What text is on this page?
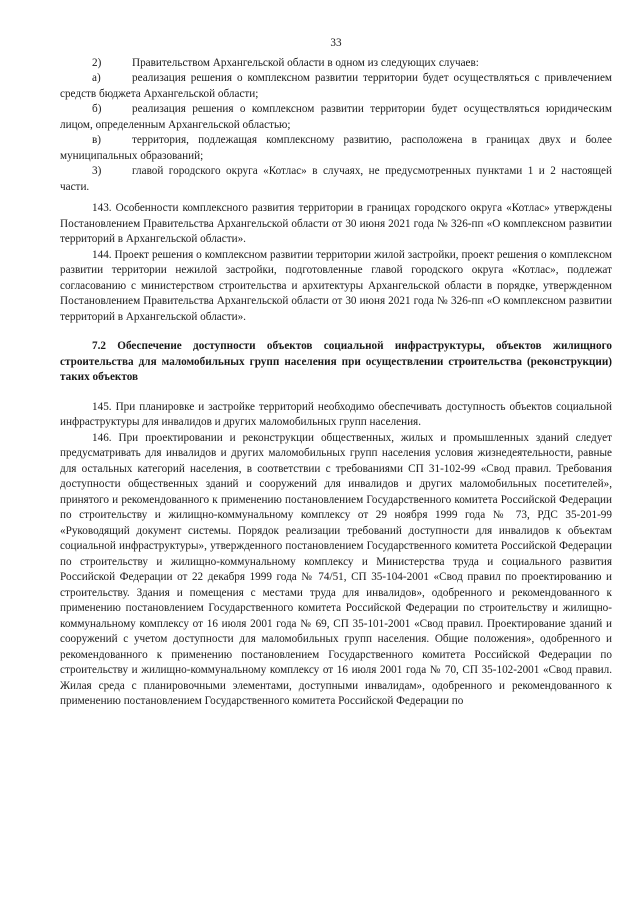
33

2)	Правительством Архангельской области в одном из следующих случаев:

а)	реализация решения о комплексном развитии территории будет осуществляться с привлечением средств бюджета Архангельской области;

б)	реализация решения о комплексном развитии территории будет осуществляться юридическим лицом, определенным Архангельской областью;

в)	территория, подлежащая комплексному развитию, расположена в границах двух и более муниципальных образований;

3)	главой городского округа «Котлас» в случаях, не предусмотренных пунктами 1 и 2 настоящей части.

143. Особенности комплексного развития территории в границах городского округа «Котлас» утверждены Постановлением Правительства Архангельской области от 30 июня 2021 года № 326-пп «О комплексном развитии территорий в Архангельской области».

144. Проект решения о комплексном развитии территории жилой застройки, проект решения о комплексном развитии территории нежилой застройки, подготовленные главой городского округа «Котлас», подлежат согласованию с министерством строительства и архитектуры Архангельской области в порядке, утвержденном Постановлением Правительства Архангельской области от 30 июня 2021 года № 326-пп «О комплексном развитии территорий в Архангельской области».

7.2 Обеспечение доступности объектов социальной инфраструктуры, объектов жилищного строительства для маломобильных групп населения при осуществлении строительства (реконструкции) таких объектов

145. При планировке и застройке территорий необходимо обеспечивать доступность объектов социальной инфраструктуры для инвалидов и других маломобильных групп населения.

146. При проектировании и реконструкции общественных, жилых и промышленных зданий следует предусматривать для инвалидов и других маломобильных групп населения условия жизнедеятельности, равные для остальных категорий населения, в соответствии с требованиями СП 31-102-99 «Свод правил. Требования доступности общественных зданий и сооружений для инвалидов и других маломобильных посетителей», принятого и рекомендованного к применению постановлением Государственного комитета Российской Федерации по строительству и жилищно-коммунальному комплексу от 29 ноября 1999 года № 73, РДС 35-201-99 «Руководящий документ системы. Порядок реализации требований доступности для инвалидов к объектам социальной инфраструктуры», утвержденного постановлением Государственного комитета Российской Федерации по строительству и жилищно-коммунальному комплексу и Министерства труда и социального развития Российской Федерации от 22 декабря 1999 года № 74/51, СП 35-104-2001 «Свод правил по проектированию и строительству. Здания и помещения с местами труда для инвалидов», одобренного и рекомендованного к применению постановлением Государственного комитета Российской Федерации по строительству и жилищно-коммунальному комплексу от 16 июля 2001 года № 69, СП 35-101-2001 «Свод правил. Проектирование зданий и сооружений с учетом доступности для маломобильных групп населения. Общие положения», одобренного и рекомендованного к применению постановлением Государственного комитета Российской Федерации по строительству и жилищно-коммунальному комплексу от 16 июля 2001 года № 70, СП 35-102-2001 «Свод правил. Жилая среда с планировочными элементами, доступными инвалидам», одобренного и рекомендованного к применению постановлением Государственного комитета Российской Федерации по
